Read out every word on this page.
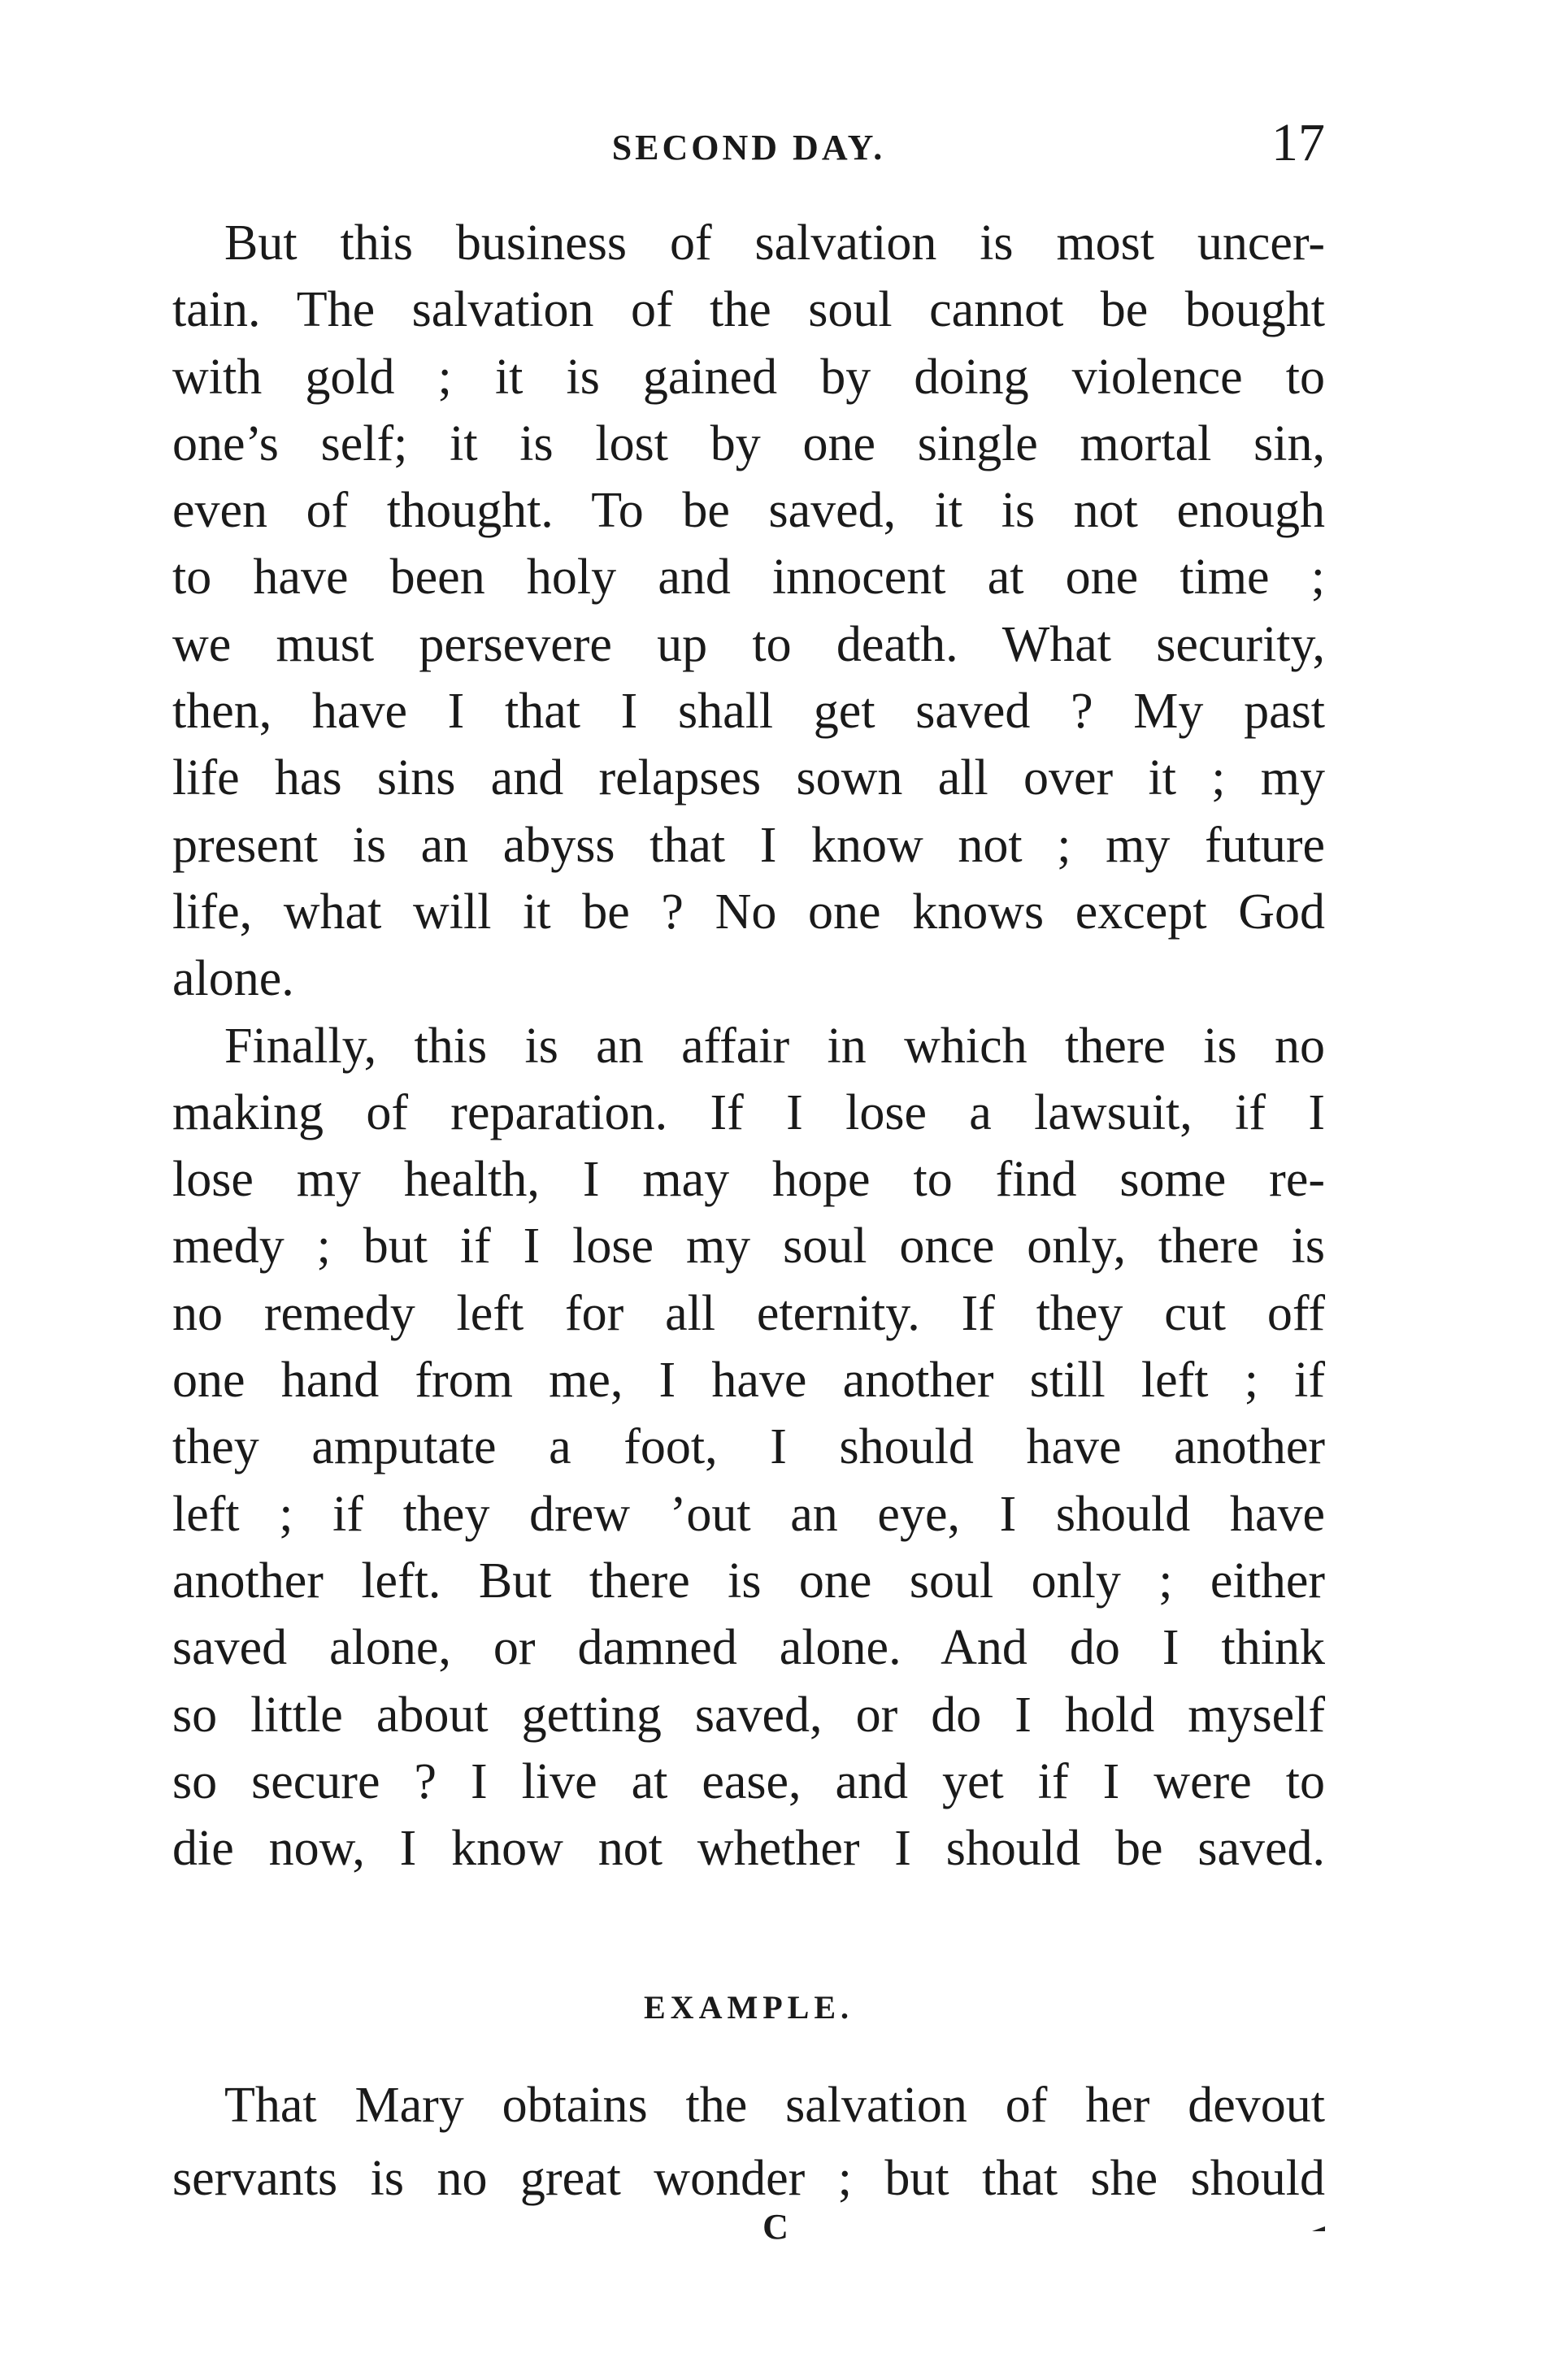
SECOND DAY.	17
But this business of salvation is most uncer-
tain. The salvation of the soul cannot be bought
with gold ; it is gained by doing violence to
one’s self; it is lost by one single mortal sin,
even of thought. To be saved, it is not enough
to have been holy and innocent at one time ;
we must persevere up to death. What security,
then, have I that I shall get saved ? My past
life has sins and relapses sown all over it ; my
present is an abyss that I know not ; my future
life, what will it be ? No one knows except God
alone.
Finally, this is an affair in which there is no
making of reparation. If I lose a lawsuit, if I
lose my health, I may hope to find some re-
medy ; but if I lose my soul once only, there is
no remedy left for all eternity. If they cut off
one hand from me, I have another still left ; if
they amputate a foot, I should have another
left ; if they drew ’out an eye, I should have
another left. But there is one soul only ; either
saved alone, or damned alone. And do I think
so little about getting saved, or do I hold myself
so secure ? I live at ease, and yet if I were to
die now, I know not whether I should be saved.
EXAMPLE.
That Mary obtains the salvation of her devout
servants is no great wonder ; but that she should
C
